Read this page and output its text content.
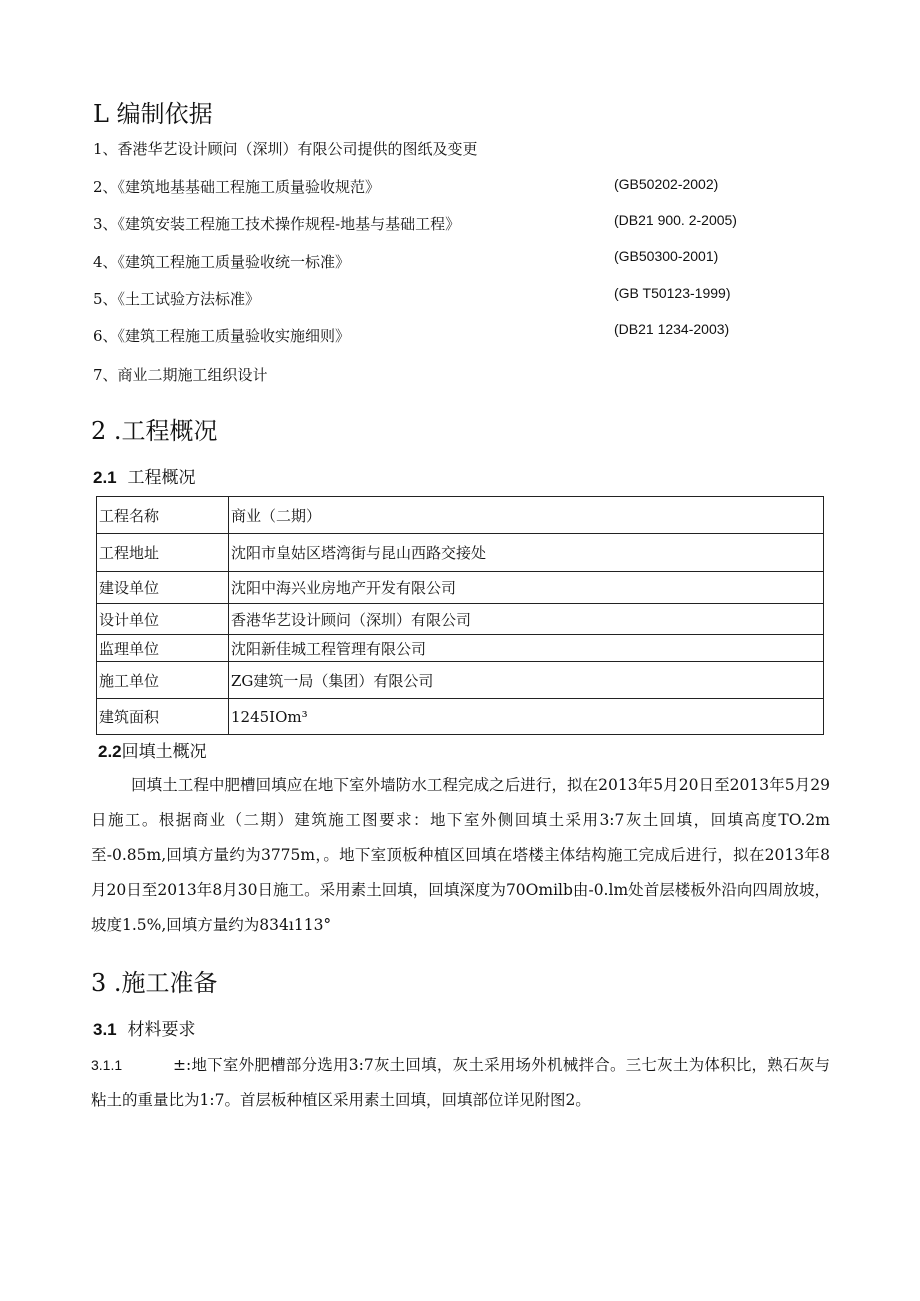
L 编制依据
1、香港华艺设计顾问（深圳）有限公司提供的图纸及变更
2、《建筑地基基础工程施工质量验收规范》	(GB50202-2002)
3、《建筑安装工程施工技术操作规程-地基与基础工程》	(DB21 900. 2-2005)
4、《建筑工程施工质量验收统一标准》	(GB50300-2001)
5、《土工试验方法标准》	(GB T50123-1999)
6、《建筑工程施工质量验收实施细则》	(DB21 1234-2003)
7、商业二期施工组织设计
2 .工程概况
2.1 工程概况
工程名称	商业（二期）
工程地址	沈阳市皇姑区塔湾街与昆山西路交接处
建设单位	沈阳中海兴业房地产开发有限公司
设计单位	香港华艺设计顾问（深圳）有限公司
监理单位	沈阳新佳城工程管理有限公司
施工单位	ZG建筑一局（集团）有限公司
建筑面积	1245IOm³
2.2回填土概况
回填土工程中肥槽回填应在地下室外墙防水工程完成之后进行，拟在2013年5月20日至2013年5月29日施工。根据商业（二期）建筑施工图要求：地下室外侧回填土采用3:7灰土回填，回填高度TO.2m至-0.85m,回填方量约为3775m，。地下室顶板种植区回填在塔楼主体结构施工完成后进行，拟在2013年8月20日至2013年8月30日施工。采用素土回填，回填深度为70Omilb由-0.lm处首层楼板外沿向四周放坡，坡度1.5%,回填方量约为834ı113°
3 .施工准备
3.1 材料要求
3.1.1	±:地下室外肥槽部分选用3:7灰土回填，灰土采用场外机械拌合。三七灰土为体积比，熟石灰与粘土的重量比为1:7。首层板种植区采用素土回填，回填部位详见附图2。
